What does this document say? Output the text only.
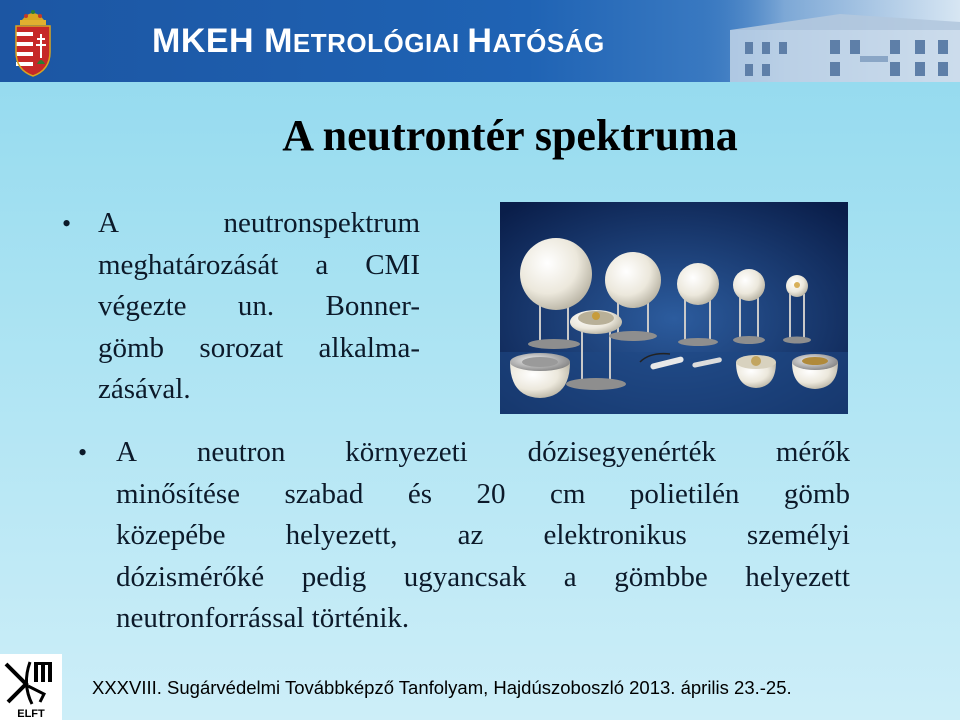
MKEH METROLÓGIAI HATÓSÁG
A neutrontér spektruma
• A	neutronspektrum
meghatározását a CMI
végezte un. Bonner-
gömb sorozat alkalma-
zásával.
• A neutron környezeti dózisegyenérték mérők
minősítése szabad és 20 cm polietilén gömb
közepébe helyezett, az elektronikus személyi
dózismérőké pedig ugyancsak a gömbbe helyezett
neutronforrással történik.
ELFT
XXXVIII. Sugárvédelmi Továbbképző Tanfolyam, Hajdúszoboszló 2013. április 23.-25.
